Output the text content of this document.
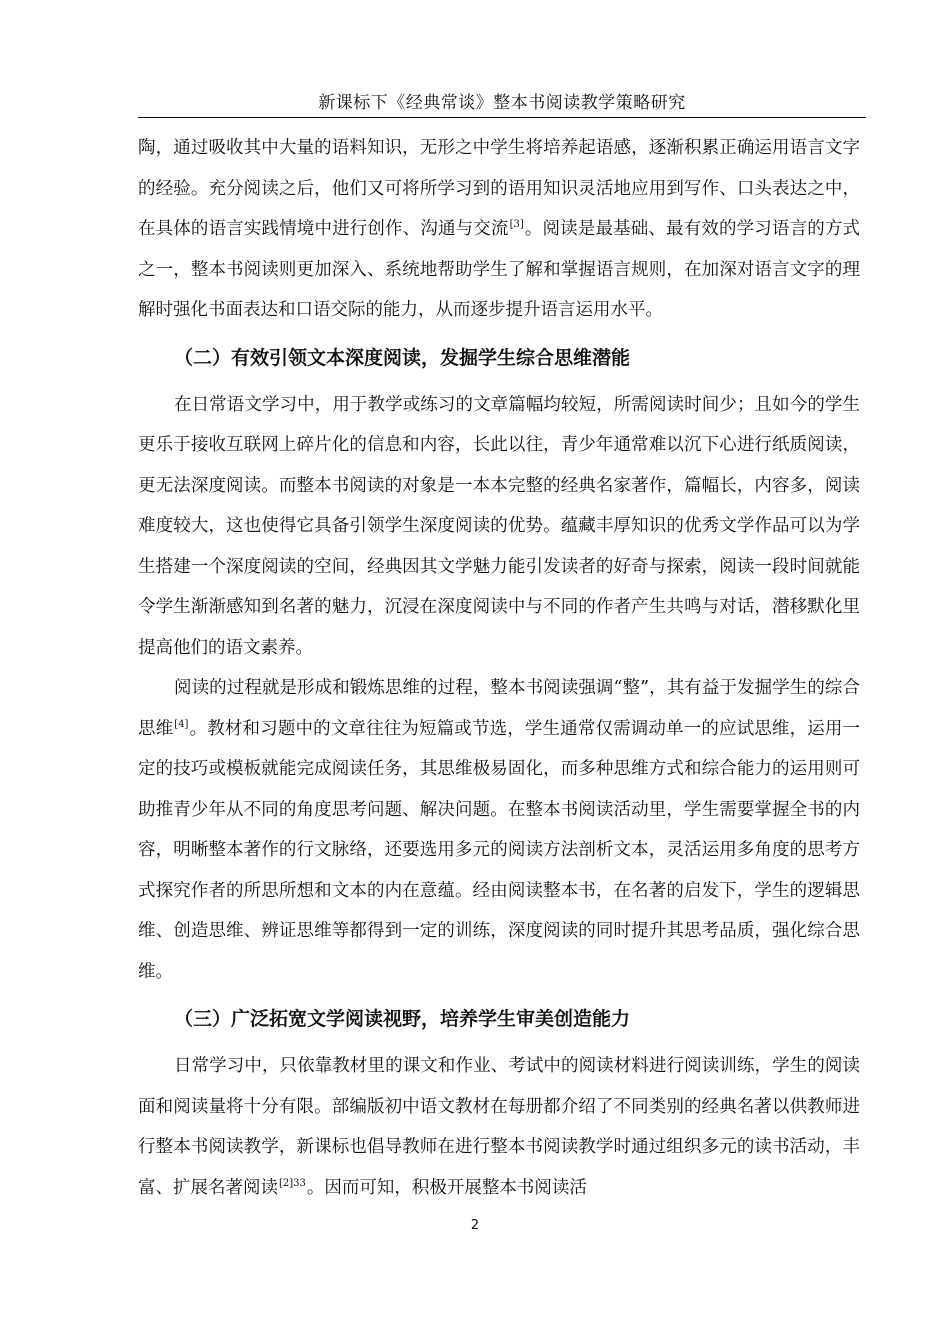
新课标下《经典常谈》整本书阅读教学策略研究

陶，通过吸收其中大量的语料知识，无形之中学生将培养起语感，逐渐积累正确运用语言文字的经验。充分阅读之后，他们又可将所学习到的语用知识灵活地应用到写作、口头表达之中，在具体的语言实践情境中进行创作、沟通与交流[3]。阅读是最基础、最有效的学习语言的方式之一，整本书阅读则更加深入、系统地帮助学生了解和掌握语言规则，在加深对语言文字的理解时强化书面表达和口语交际的能力，从而逐步提升语言运用水平。

（二）有效引领文本深度阅读，发掘学生综合思维潜能

在日常语文学习中，用于教学或练习的文章篇幅均较短，所需阅读时间少；且如今的学生更乐于接收互联网上碎片化的信息和内容，长此以往，青少年通常难以沉下心进行纸质阅读，更无法深度阅读。而整本书阅读的对象是一本本完整的经典名家著作，篇幅长，内容多，阅读难度较大，这也使得它具备引领学生深度阅读的优势。蕴藏丰厚知识的优秀文学作品可以为学生搭建一个深度阅读的空间，经典因其文学魅力能引发读者的好奇与探索，阅读一段时间就能令学生渐渐感知到名著的魅力，沉浸在深度阅读中与不同的作者产生共鸣与对话，潜移默化里提高他们的语文素养。

阅读的过程就是形成和锻炼思维的过程，整本书阅读强调“整”，其有益于发掘学生的综合思维[4]。教材和习题中的文章往往为短篇或节选，学生通常仅需调动单一的应试思维，运用一定的技巧或模板就能完成阅读任务，其思维极易固化，而多种思维方式和综合能力的运用则可助推青少年从不同的角度思考问题、解决问题。在整本书阅读活动里，学生需要掌握全书的内容，明晰整本著作的行文脉络，还要选用多元的阅读方法剖析文本，灵活运用多角度的思考方式探究作者的所思所想和文本的内在意蕴。经由阅读整本书，在名著的启发下，学生的逻辑思维、创造思维、辨证思维等都得到一定的训练，深度阅读的同时提升其思考品质，强化综合思维。

（三）广泛拓宽文学阅读视野，培养学生审美创造能力

日常学习中，只依靠教材里的课文和作业、考试中的阅读材料进行阅读训练，学生的阅读面和阅读量将十分有限。部编版初中语文教材在每册都介绍了不同类别的经典名著以供教师进行整本书阅读教学，新课标也倡导教师在进行整本书阅读教学时通过组织多元的读书活动，丰富、扩展名著阅读$^{[2]33}$。因而可知，积极开展整本书阅读活

2
